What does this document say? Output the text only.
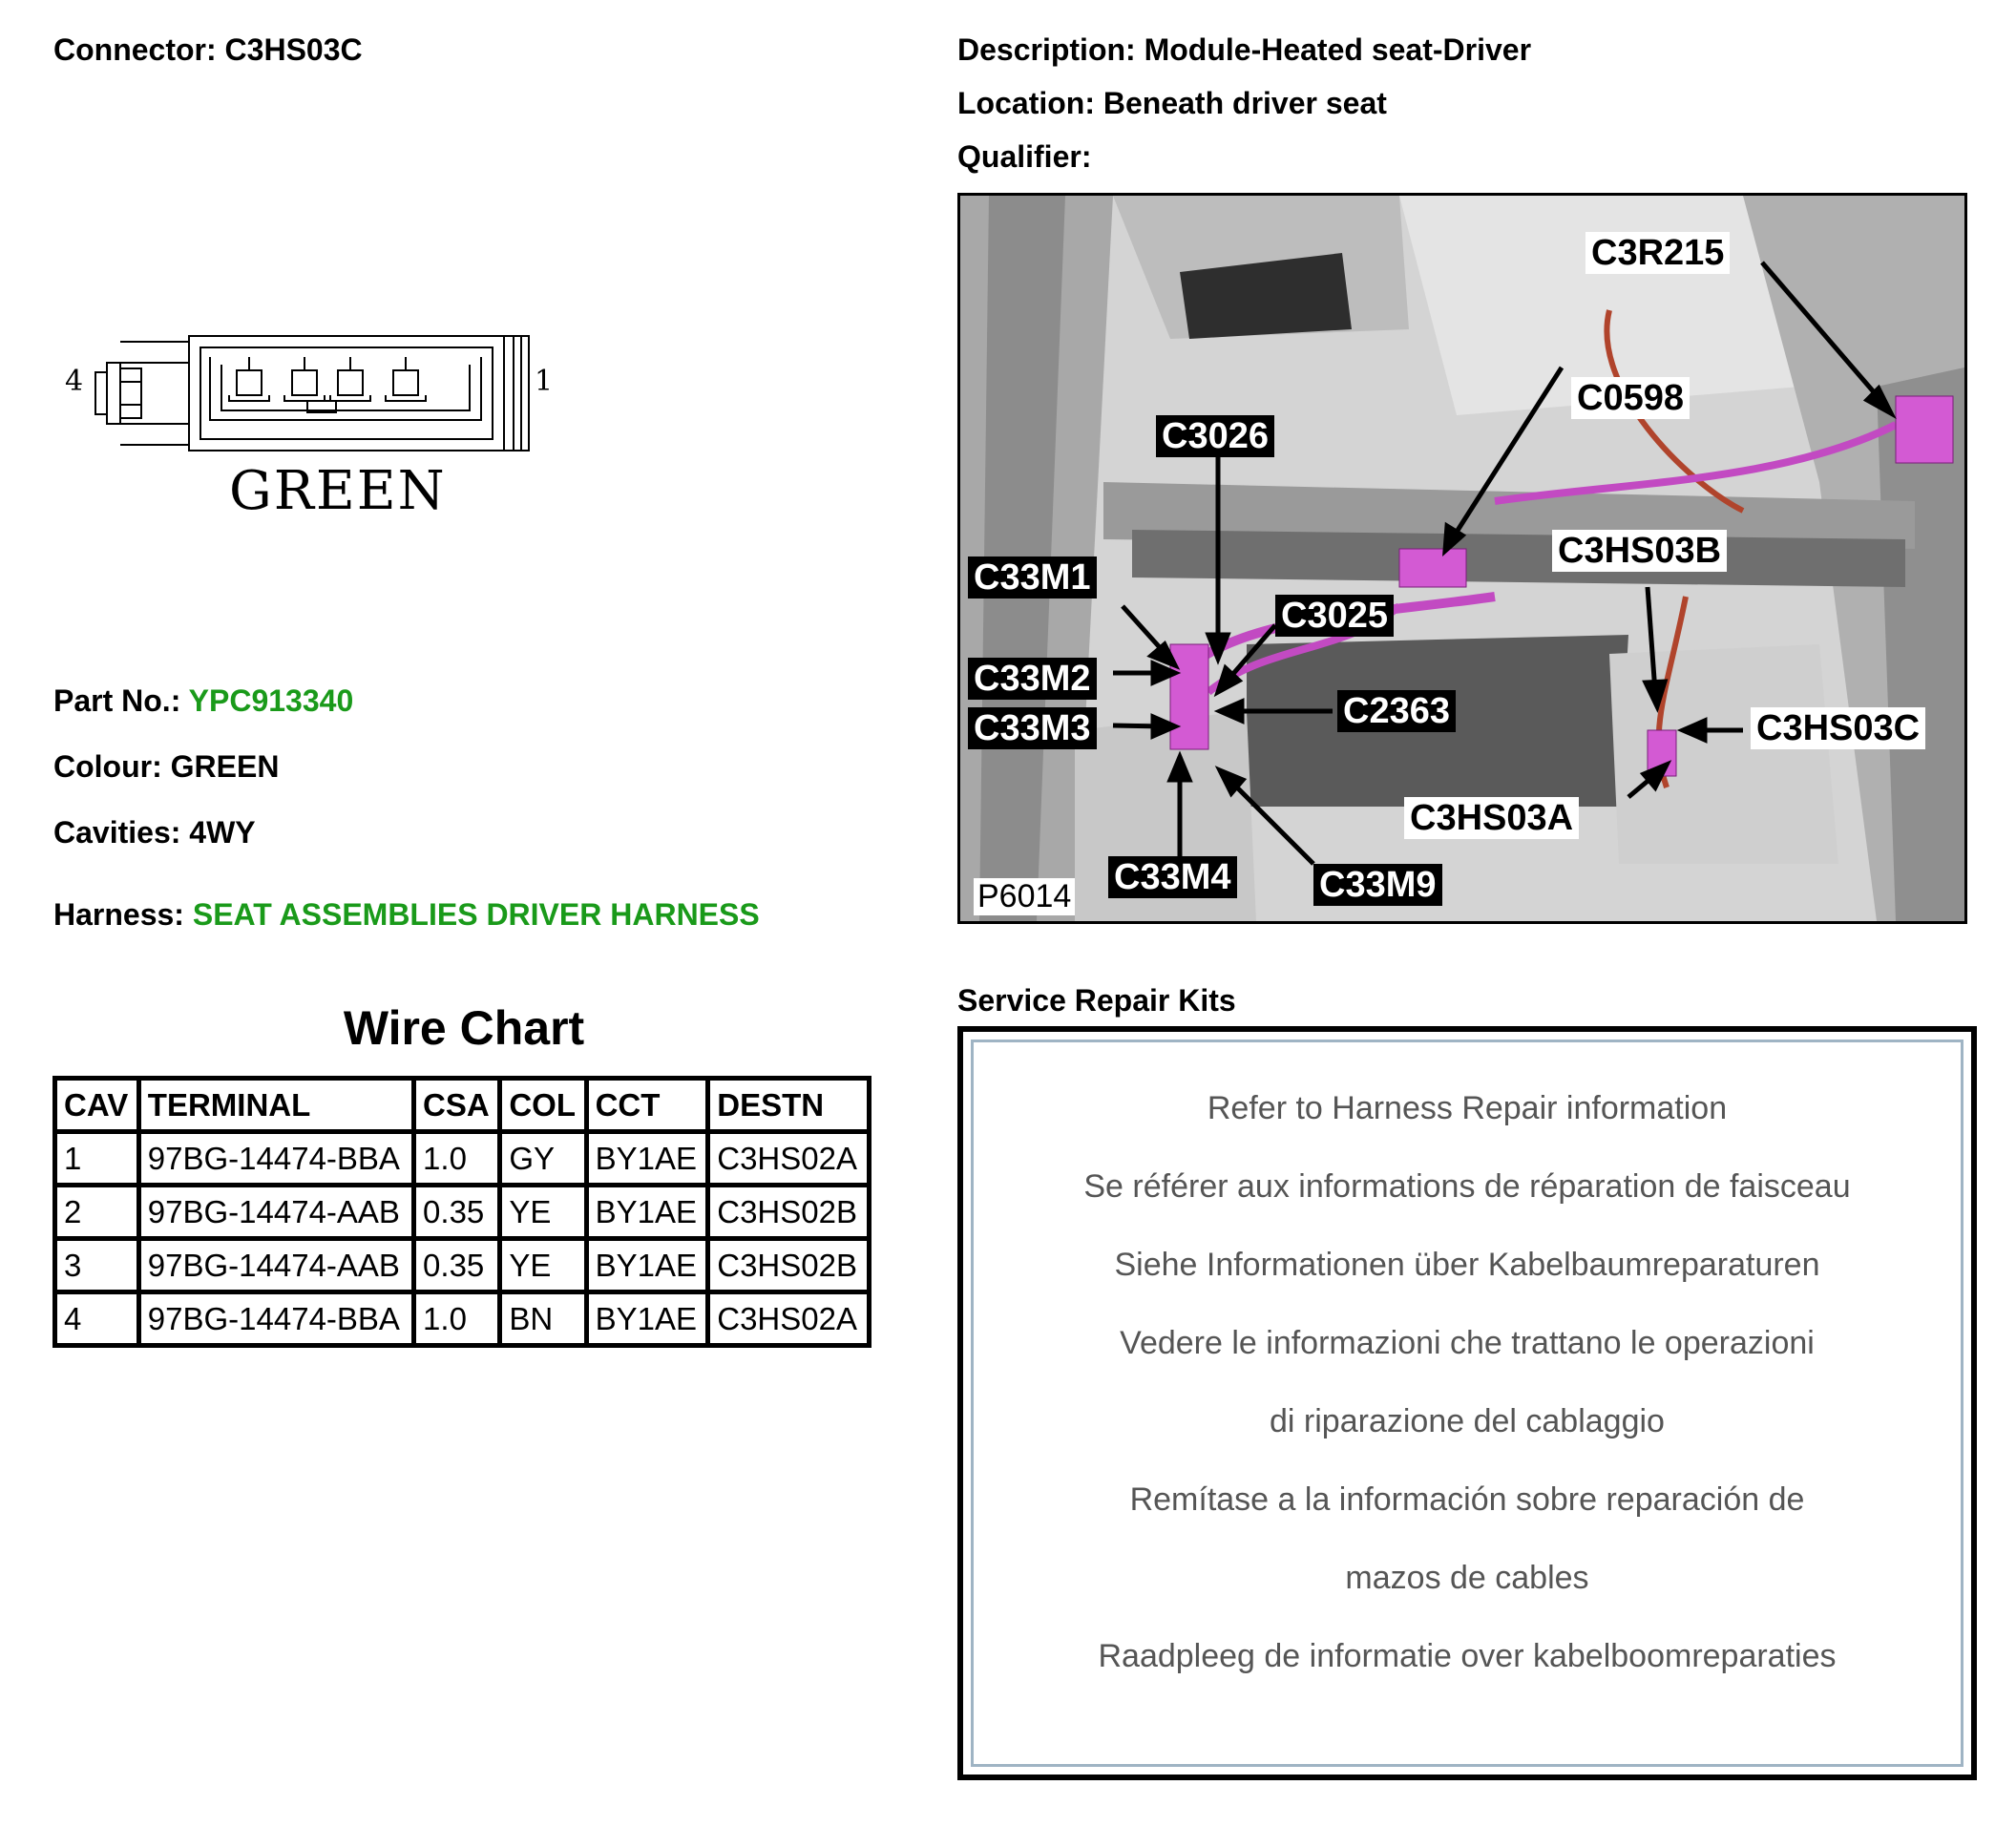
Connector: C3HS03C	Description: Module-Heated seat-Driver
Location: Beneath driver seat
Qualifier:
4	1
GREEN
Part No.: YPC913340
Colour: GREEN
Cavities: 4WY
Harness: SEAT ASSEMBLIES DRIVER HARNESS
Wire Chart
CAV	TERMINAL	CSA	COL	CCT	DESTN
1	97BG-14474-BBA	1.0	GY	BY1AE	C3HS02A
2	97BG-14474-AAB	0.35	YE	BY1AE	C3HS02B
3	97BG-14474-AAB	0.35	YE	BY1AE	C3HS02B
4	97BG-14474-BBA	1.0	BN	BY1AE	C3HS02A
C3R215
C0598
C3026
C3HS03B
C33M1
C3025
C33M2
C2363
C33M3	C3HS03C
C3HS03A
C33M4 C33M9
P6014
Service Repair Kits
Refer to Harness Repair information
Se référer aux informations de réparation de faisceau
Siehe Informationen über Kabelbaumreparaturen
Vedere le informazioni che trattano le operazioni
di riparazione del cablaggio
Remítase a la información sobre reparación de
mazos de cables
Raadpleeg de informatie over kabelboomreparaties
